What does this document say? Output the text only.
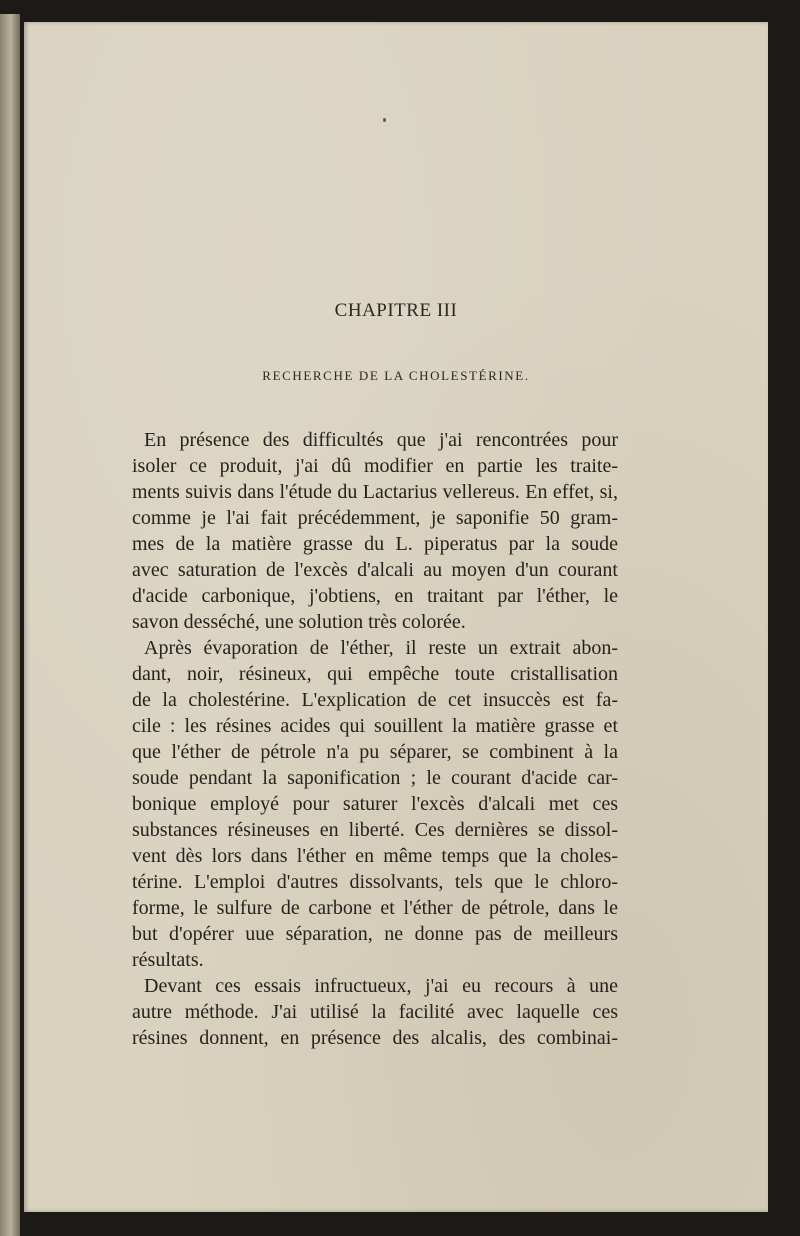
CHAPITRE III
RECHERCHE DE LA CHOLESTÉRINE.
En présence des difficultés que j'ai rencontrées pour
isoler ce produit, j'ai dû modifier en partie les traite-
ments suivis dans l'étude du Lactarius vellereus. En effet, si,
comme je l'ai fait précédemment, je saponifie 50 gram-
mes de la matière grasse du L. piperatus par la soude
avec saturation de l'excès d'alcali au moyen d'un courant
d'acide carbonique, j'obtiens, en traitant par l'éther, le
savon desséché, une solution très colorée.
Après évaporation de l'éther, il reste un extrait abon-
dant, noir, résineux, qui empêche toute cristallisation
de la cholestérine. L'explication de cet insuccès est fa-
cile : les résines acides qui souillent la matière grasse et
que l'éther de pétrole n'a pu séparer, se combinent à la
soude pendant la saponification ; le courant d'acide car-
bonique employé pour saturer l'excès d'alcali met ces
substances résineuses en liberté. Ces dernières se dissol-
vent dès lors dans l'éther en même temps que la choles-
térine. L'emploi d'autres dissolvants, tels que le chloro-
forme, le sulfure de carbone et l'éther de pétrole, dans le
but d'opérer uue séparation, ne donne pas de meilleurs
résultats.
Devant ces essais infructueux, j'ai eu recours à une
autre méthode. J'ai utilisé la facilité avec laquelle ces
résines donnent, en présence des alcalis, des combinai-
